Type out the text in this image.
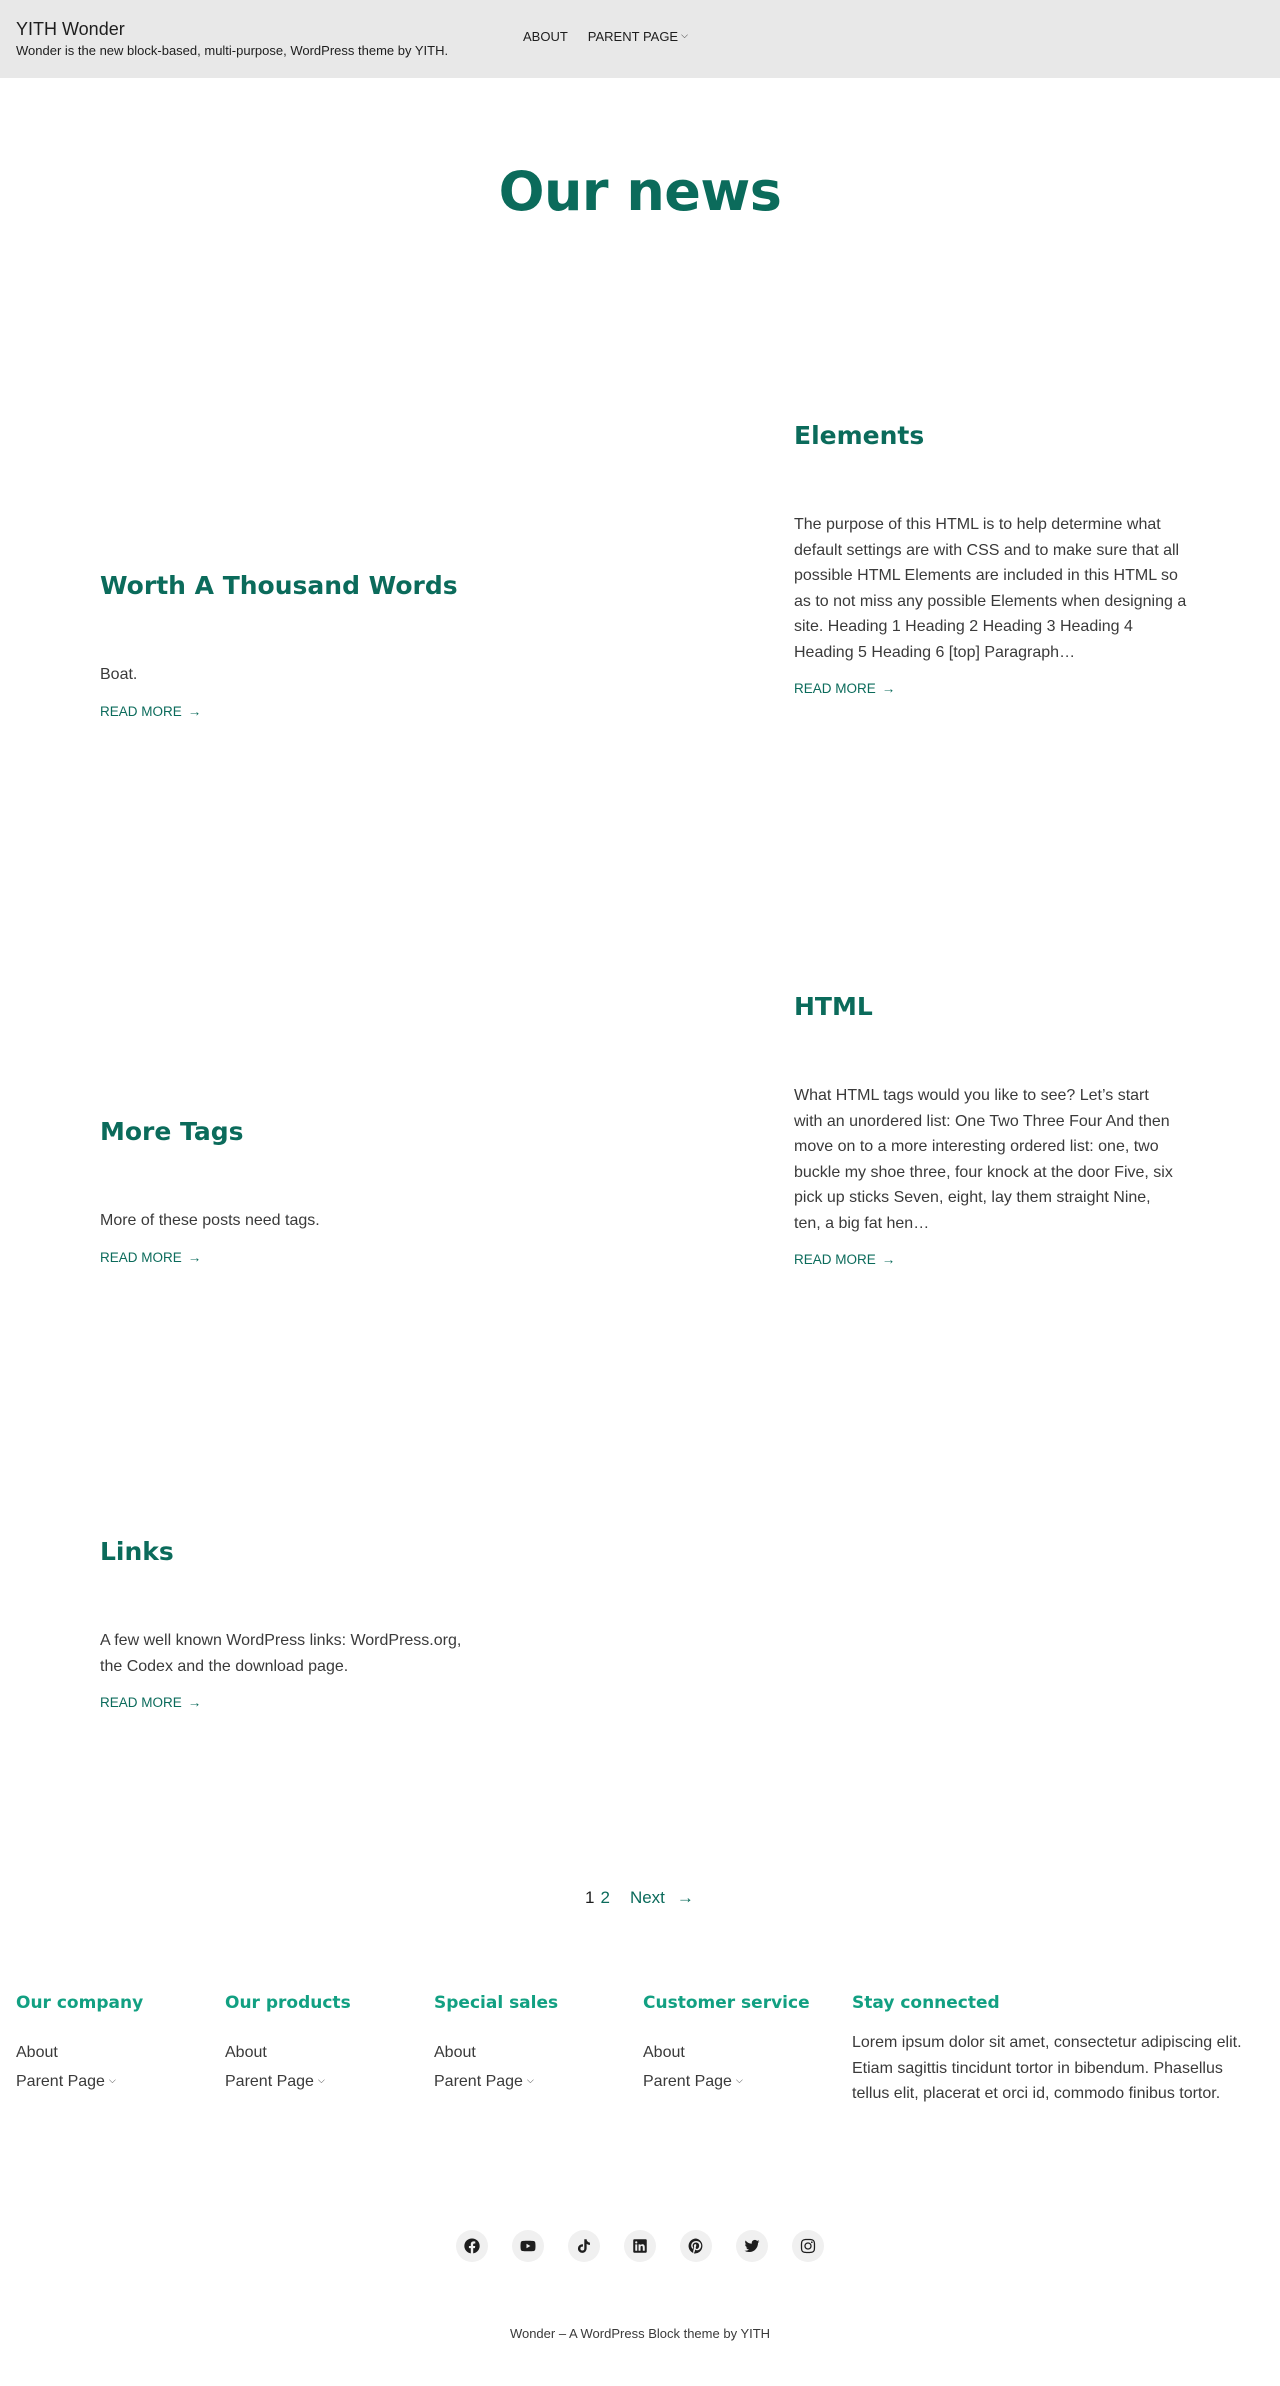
YITH Wonder
Wonder is the new block-based, multi-purpose, WordPress theme by YITH.
ABOUT PARENT PAGE ⌵
Our news
Worth A Thousand Words

Boat.

READ MORE →
Elements

The purpose of this HTML is to help determine what default settings are with CSS and to make sure that all possible HTML Elements are included in this HTML so as to not miss any possible Elements when designing a site. Heading 1 Heading 2 Heading 3 Heading 4 Heading 5 Heading 6 [top] Paragraph…

READ MORE →
More Tags

More of these posts need tags.

READ MORE →
HTML

What HTML tags would you like to see? Let’s start with an unordered list: One Two Three Four And then move on to a more interesting ordered list: one, two buckle my shoe three, four knock at the door Five, six pick up sticks Seven, eight, lay them straight Nine, ten, a big fat hen…

READ MORE →
Links

A few well known WordPress links: WordPress.org, the Codex and the download page.

READ MORE →
1 2 Next →
Our company
About
Parent Page ⌵
Our products
About
Parent Page ⌵
Special sales
About
Parent Page ⌵
Customer service
About
Parent Page ⌵
Stay connected

Lorem ipsum dolor sit amet, consectetur adipiscing elit. Etiam sagittis tincidunt tortor in bibendum. Phasellus tellus elit, placerat et orci id, commodo finibus tortor.

Wonder – A WordPress Block theme by YITH
